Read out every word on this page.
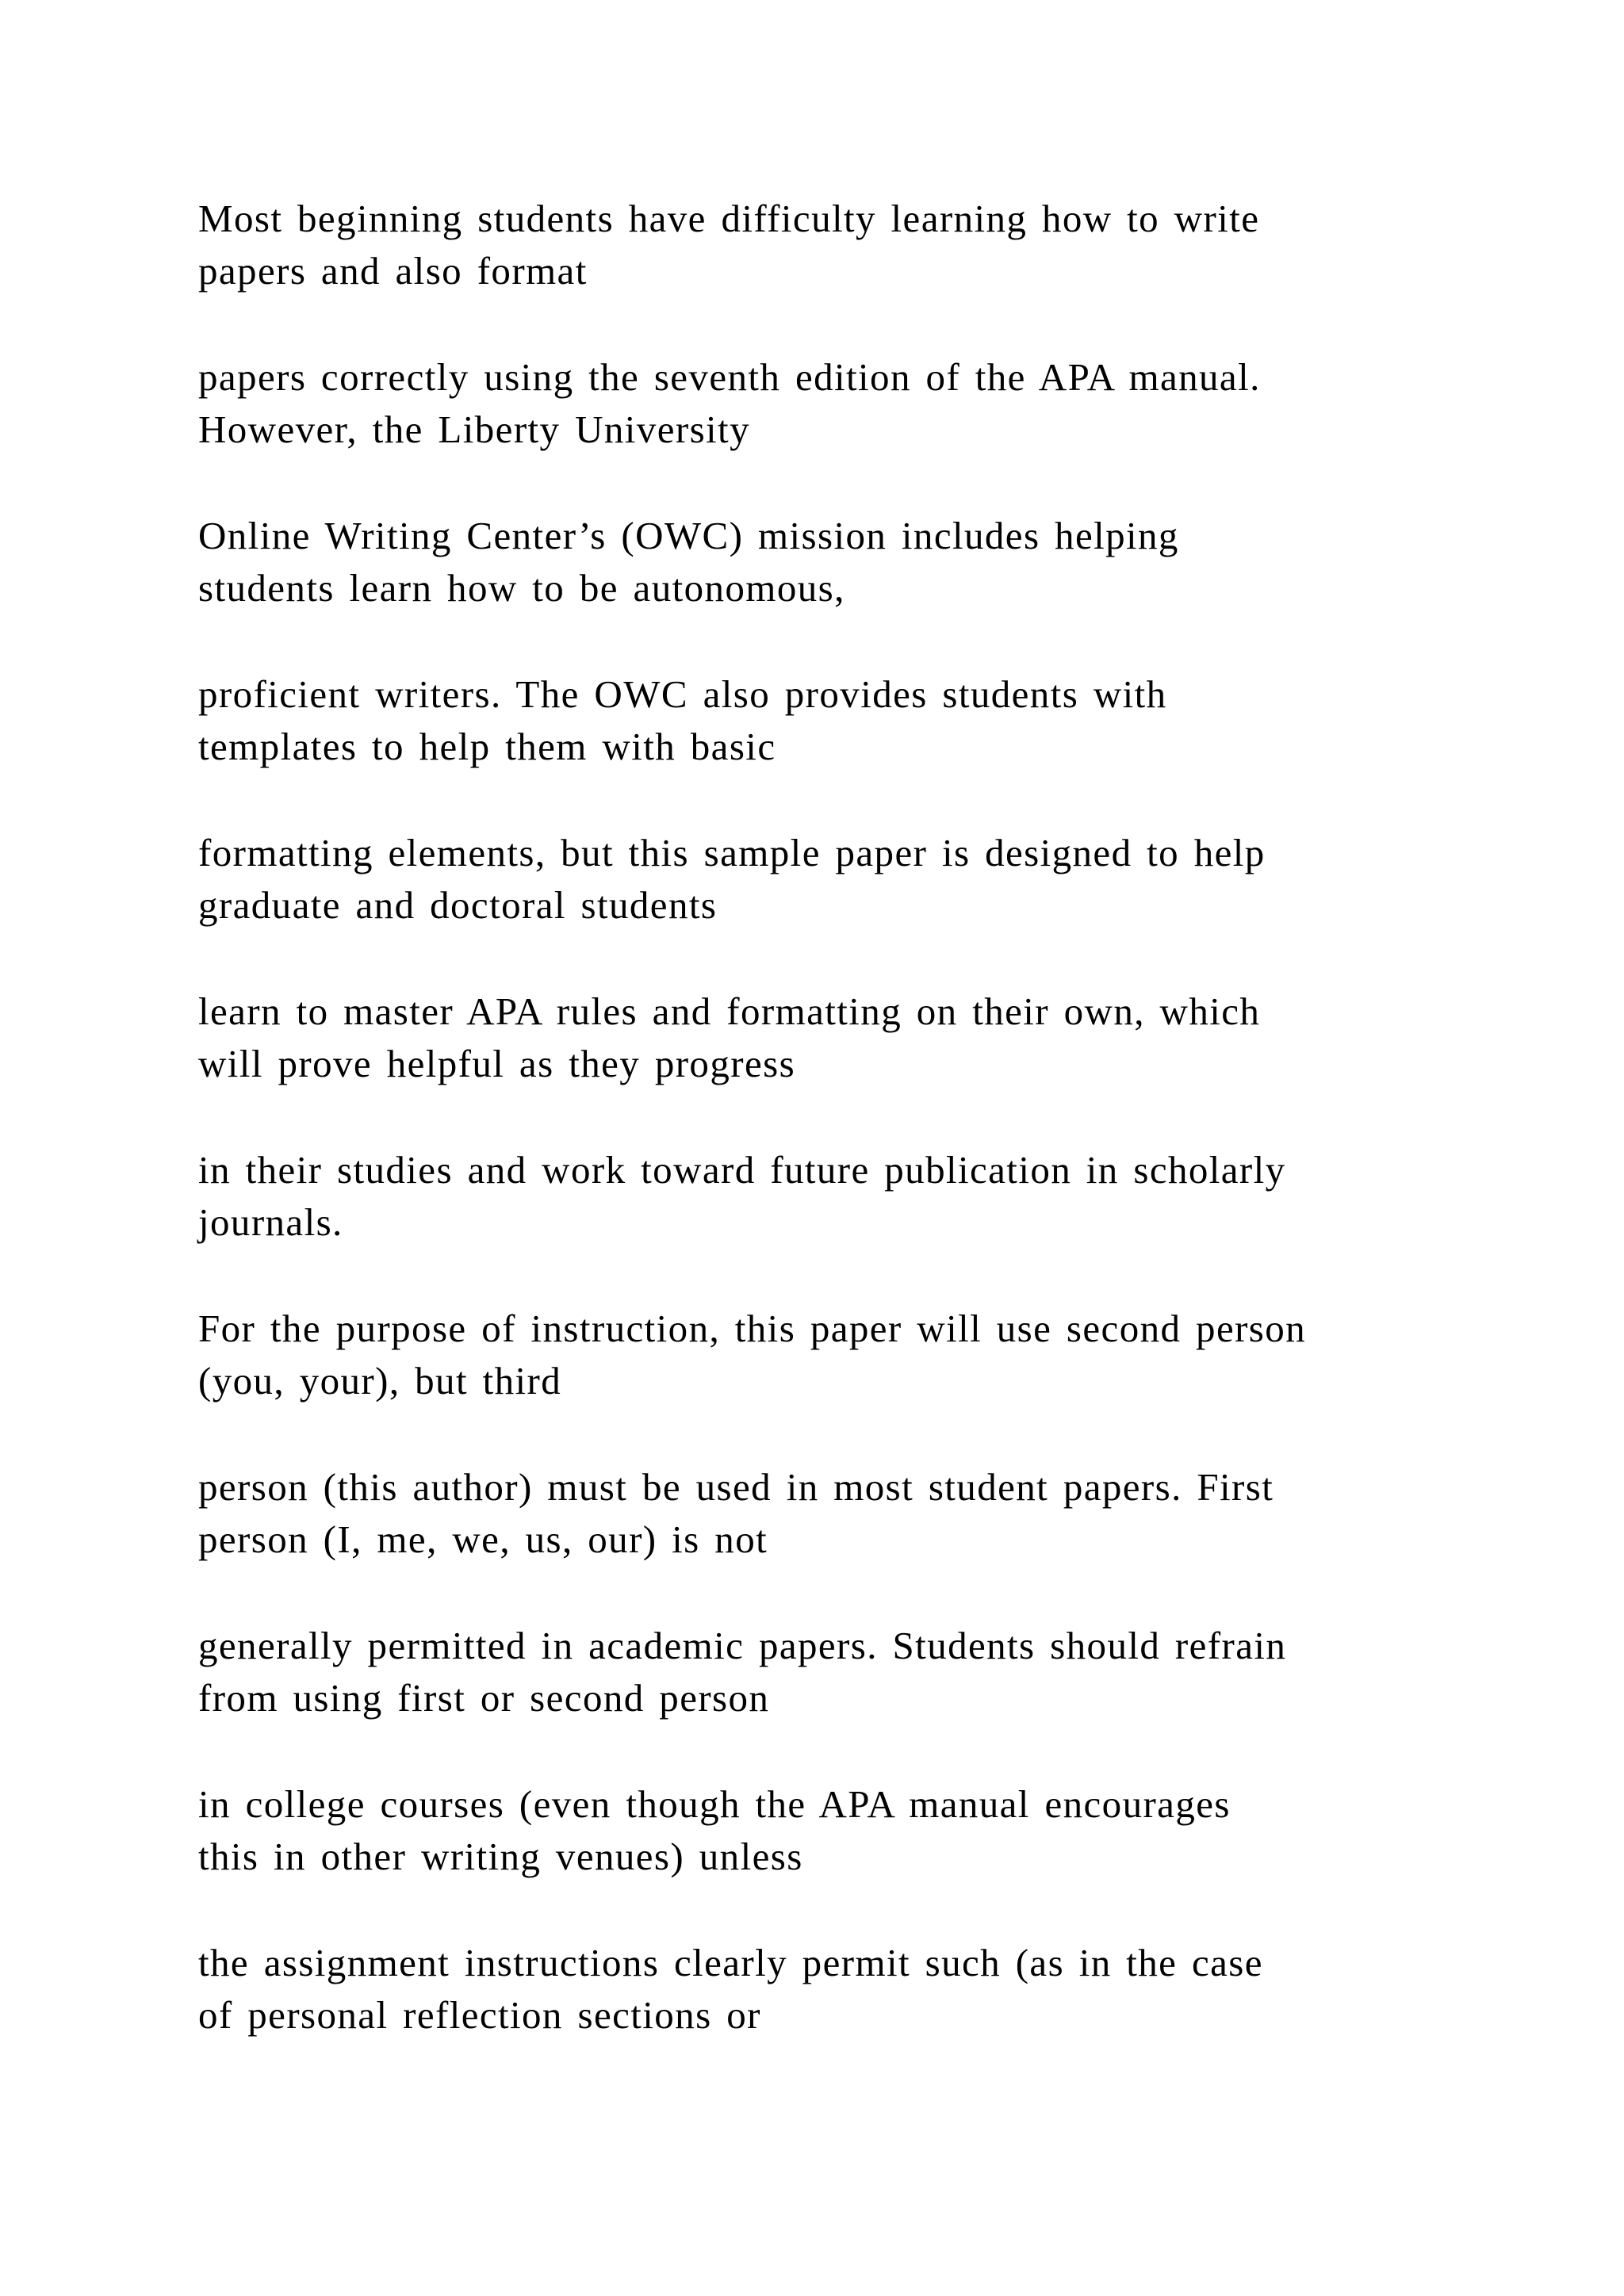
Most beginning students have difficulty learning how to write
papers and also format

papers correctly using the seventh edition of the APA manual.
However, the Liberty University

Online Writing Center’s (OWC) mission includes helping
students learn how to be autonomous,

proficient writers. The OWC also provides students with
templates to help them with basic

formatting elements, but this sample paper is designed to help
graduate and doctoral students

learn to master APA rules and formatting on their own, which
will prove helpful as they progress

in their studies and work toward future publication in scholarly
journals.

For the purpose of instruction, this paper will use second person
(you, your), but third

person (this author) must be used in most student papers. First
person (I, me, we, us, our) is not

generally permitted in academic papers. Students should refrain
from using first or second person

in college courses (even though the APA manual encourages
this in other writing venues) unless

the assignment instructions clearly permit such (as in the case
of personal reflection sections or
